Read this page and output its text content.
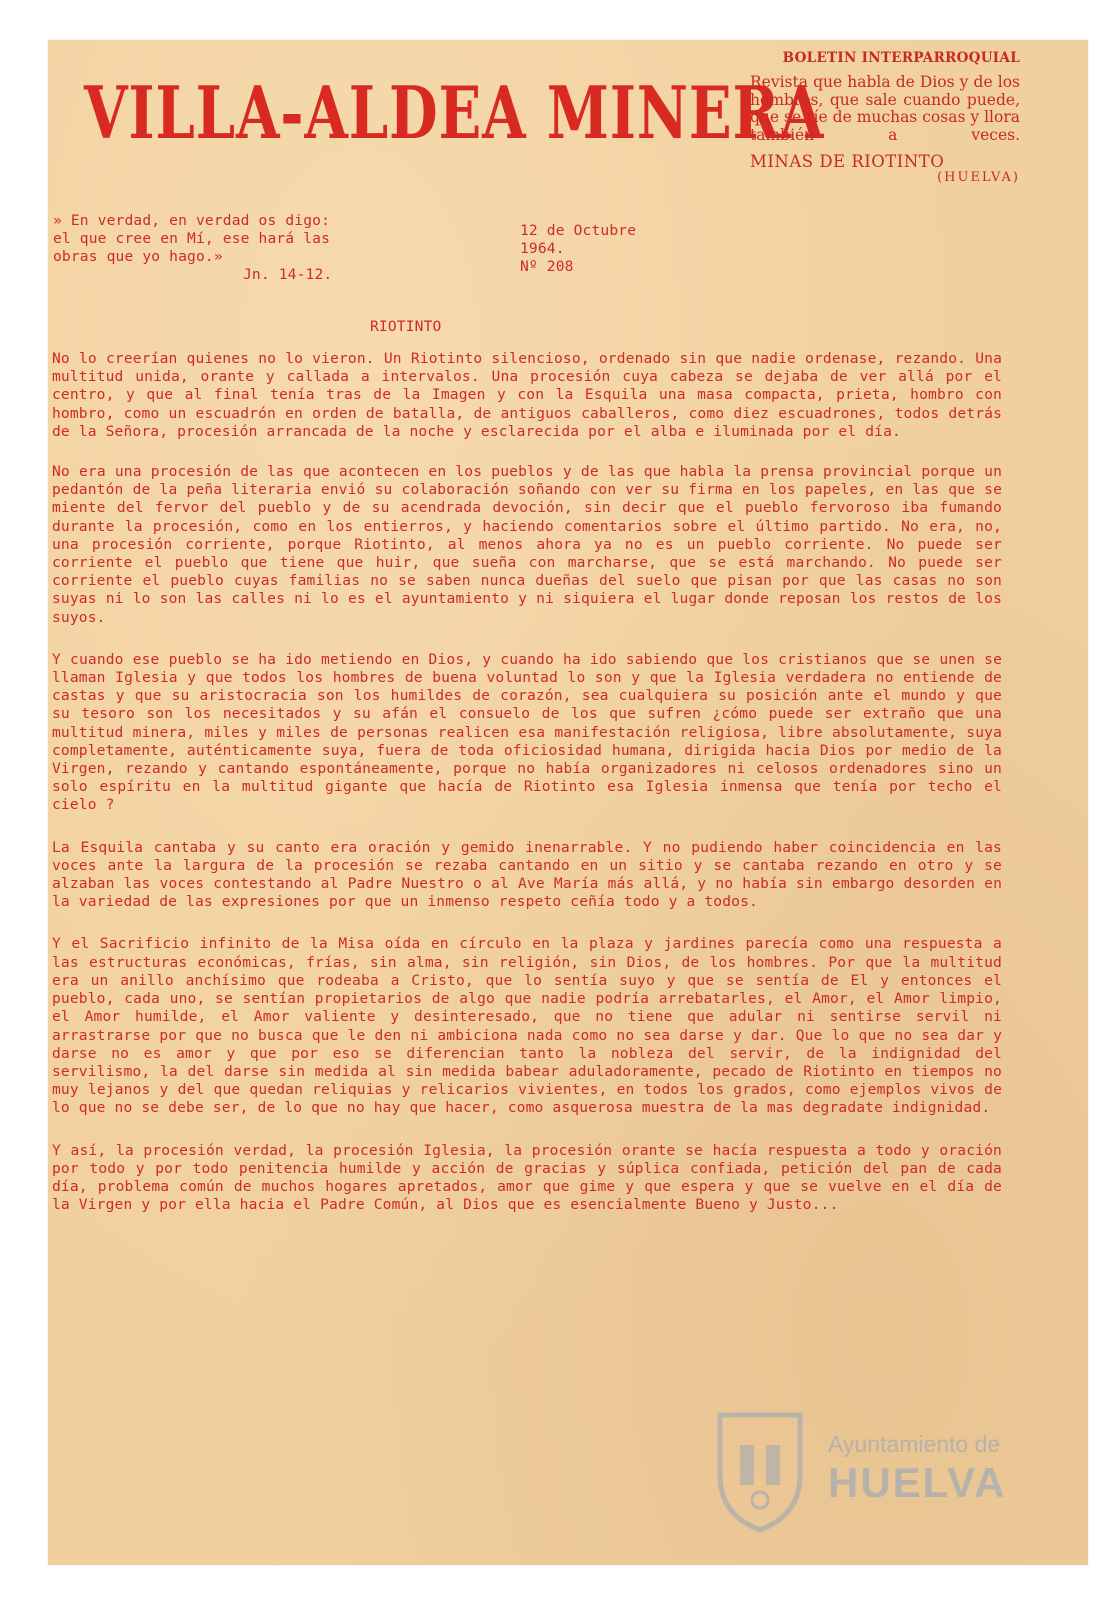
VILLA-ALDEA MINERA
BOLETIN INTERPARROQUIAL
Revista que habla de Dios y de los hombres, que sale cuando puede, que se ríe de muchas cosas y llora también a veces.
MINAS DE RIOTINTO
(HUELVA)
» En verdad, en verdad os digo:
el que cree en Mí, ese hará las
obras que yo hago.»
Jn. 14-12.
12 de Octubre
1964.
Nº 208
RIOTINTO

No lo creerían quienes no lo vieron. Un Riotinto silencioso, ordenado sin que nadie ordenase, rezando. Una multitud unida, orante y callada a intervalos. Una procesión cuya cabeza se dejaba de ver allá por el centro, y que al final tenía tras de la Imagen y con la Esquila una masa compacta, prieta, hombro con hombro, como un escuadrón en orden de batalla, de antiguos caballeros, como diez escuadrones, todos detrás de la Señora, procesión arrancada de la noche y esclarecida por el alba e iluminada por el día.

No era una procesión de las que acontecen en los pueblos y de las que habla la prensa provincial porque un pedantón de la peña literaria envió su colaboración soñando con ver su firma en los papeles, en las que se miente del fervor del pueblo y de su acendrada devoción, sin decir que el pueblo fervoroso iba fumando durante la procesión, como en los entierros, y haciendo comentarios sobre el último partido. No era, no, una procesión corriente, porque Riotinto, al menos ahora ya no es un pueblo corriente. No puede ser corriente el pueblo que tiene que huir, que sueña con marcharse, que se está marchando. No puede ser corriente el pueblo cuyas familias no se saben nunca dueñas del suelo que pisan por que las casas no son suyas ni lo son las calles ni lo es el ayuntamiento y ni siquiera el lugar donde reposan los restos de los suyos.

Y cuando ese pueblo se ha ido metiendo en Dios, y cuando ha ido sabiendo que los cristianos que se unen se llaman Iglesia y que todos los hombres de buena voluntad lo son y que la Iglesia verdadera no entiende de castas y que su aristocracia son los humildes de corazón, sea cualquiera su posición ante el mundo y que su tesoro son los necesitados y su afán el consuelo de los que sufren ¿cómo puede ser extraño que una multitud minera, miles y miles de personas realicen esa manifestación religiosa, libre absolutamente, suya completamente, auténticamente suya, fuera de toda oficiosidad humana, dirigida hacia Dios por medio de la Virgen, rezando y cantando espontáneamente, porque no había organizadores ni celosos ordenadores sino un solo espíritu en la multitud gigante que hacía de Riotinto esa Iglesia inmensa que tenía por techo el cielo ?

La Esquila cantaba y su canto era oración y gemido inenarrable. Y no pudiendo haber coincidencia en las voces ante la largura de la procesión se rezaba cantando en un sitio y se cantaba rezando en otro y se alzaban las voces contestando al Padre Nuestro o al Ave María más allá, y no había sin embargo desorden en la variedad de las expresiones por que un inmenso respeto ceñía todo y a todos.

Y el Sacrificio infinito de la Misa oída en círculo en la plaza y jardines parecía como una respuesta a las estructuras económicas, frías, sin alma, sin religión, sin Dios, de los hombres. Por que la multitud era un anillo anchísimo que rodeaba a Cristo, que lo sentía suyo y que se sentía de El y entonces el pueblo, cada uno, se sentían propietarios de algo que nadie podría arrebatarles, el Amor, el Amor limpio, el Amor humilde, el Amor valiente y desinteresado, que no tiene que adular ni sentirse servil ni arrastrarse por que no busca que le den ni ambiciona nada como no sea darse y dar. Que lo que no sea dar y darse no es amor y que por eso se diferencian tanto la nobleza del servir, de la indignidad del servilismo, la del darse sin medida al sin medida babear aduladoramente, pecado de Riotinto en tiempos no muy lejanos y del que quedan reliquias y relicarios vivientes, en todos los grados, como ejemplos vivos de lo que no se debe ser, de lo que no hay que hacer, como asquerosa muestra de la mas degradate indignidad.

Y así, la procesión verdad, la procesión Iglesia, la procesión orante se hacía respuesta a todo y oración por todo y por todo penitencia humilde y acción de gracias y súplica confiada, petición del pan de cada día, problema común de muchos hogares apretados, amor que gime y que espera y que se vuelve en el día de la Virgen y por ella hacia el Padre Común, al Dios que es esencialmente Bueno y Justo...

Ayuntamiento de
HUELVA
